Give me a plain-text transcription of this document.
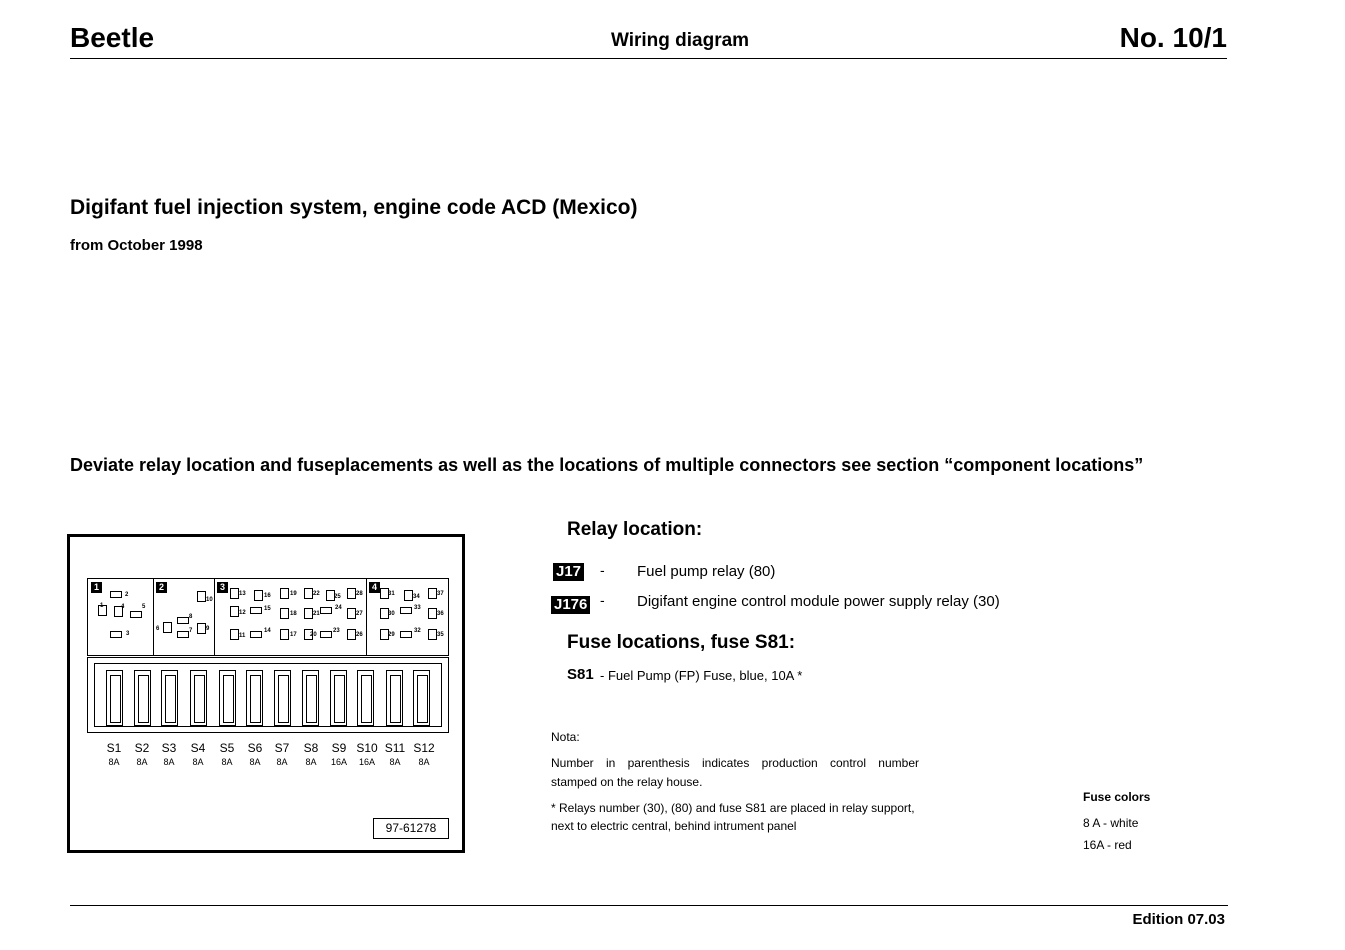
Beetle	Wiring diagram	No. 10/1
Digifant fuel injection system, engine code ACD (Mexico)
from October 1998
Deviate relay location and fuseplacements as well as the locations of multiple connectors see section “component locations”
1
2
1	4	5
3
2
10
8
6	7 9
3
13
12
11
16
15
14
19
18
17
22
21
20
25
24
23
28
27
26
4
31
30
29
34
33
32
37
36
35
S1
8A
S2
8A
S3
8A
S4
8A
S5
8A
S6
8A
S7
8A
S8
8A
S9
16A
S10
16A
S11
8A
S12
8A
97-61278
Relay location:
J17 - Fuel pump relay (80)
J176 - Digifant engine control module power supply relay (30)
Fuse locations, fuse S81:
S81 - Fuel Pump (FP) Fuse, blue, 10A *
Nota:
Number in parenthesis indicates production control number
stamped on the relay house.
* Relays number (30), (80) and fuse S81 are placed in relay support,
next to electric central, behind intrument panel
Fuse colors
8 A - white
16A - red
Edition 07.03
